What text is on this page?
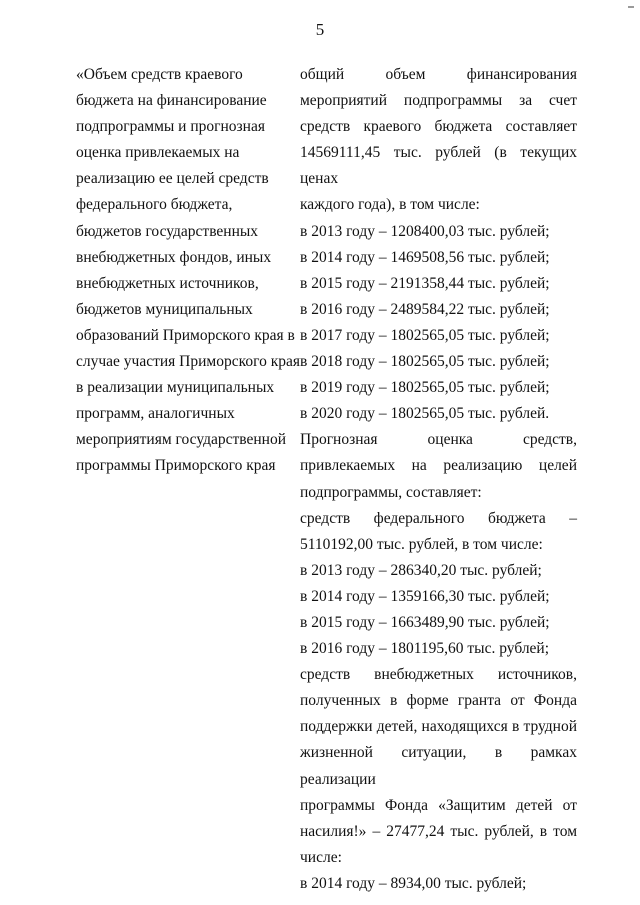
5
«Объем средств краевого
бюджета на финансирование
подпрограммы и прогнозная
оценка привлекаемых на
реализацию ее целей средств
федерального бюджета,
бюджетов государственных
внебюджетных фондов, иных
внебюджетных источников,
бюджетов муниципальных
образований Приморского края в
случае участия Приморского края
в реализации муниципальных
программ, аналогичных
мероприятиям государственной
программы Приморского края
общий объем финансирования
мероприятий подпрограммы за счет
средств краевого бюджета составляет
14569111,45 тыс. рублей (в текущих ценах
каждого года), в том числе:
в 2013 году – 1208400,03 тыс. рублей;
в 2014 году – 1469508,56 тыс. рублей;
в 2015 году – 2191358,44 тыс. рублей;
в 2016 году – 2489584,22 тыс. рублей;
в 2017 году – 1802565,05 тыс. рублей;
в 2018 году – 1802565,05 тыс. рублей;
в 2019 году – 1802565,05 тыс. рублей;
в 2020 году – 1802565,05 тыс. рублей.
Прогнозная оценка средств,
привлекаемых на реализацию целей
подпрограммы, составляет:
средств федерального бюджета –
5110192,00 тыс. рублей, в том числе:
в 2013 году – 286340,20 тыс. рублей;
в 2014 году – 1359166,30 тыс. рублей;
в 2015 году – 1663489,90 тыс. рублей;
в 2016 году – 1801195,60 тыс. рублей;
средств внебюджетных источников,
полученных в форме гранта от Фонда
поддержки детей, находящихся в трудной
жизненной ситуации, в рамках реализации
программы Фонда «Защитим детей от
насилия!» – 27477,24 тыс. рублей, в том
числе:
в 2014 году – 8934,00 тыс. рублей;
